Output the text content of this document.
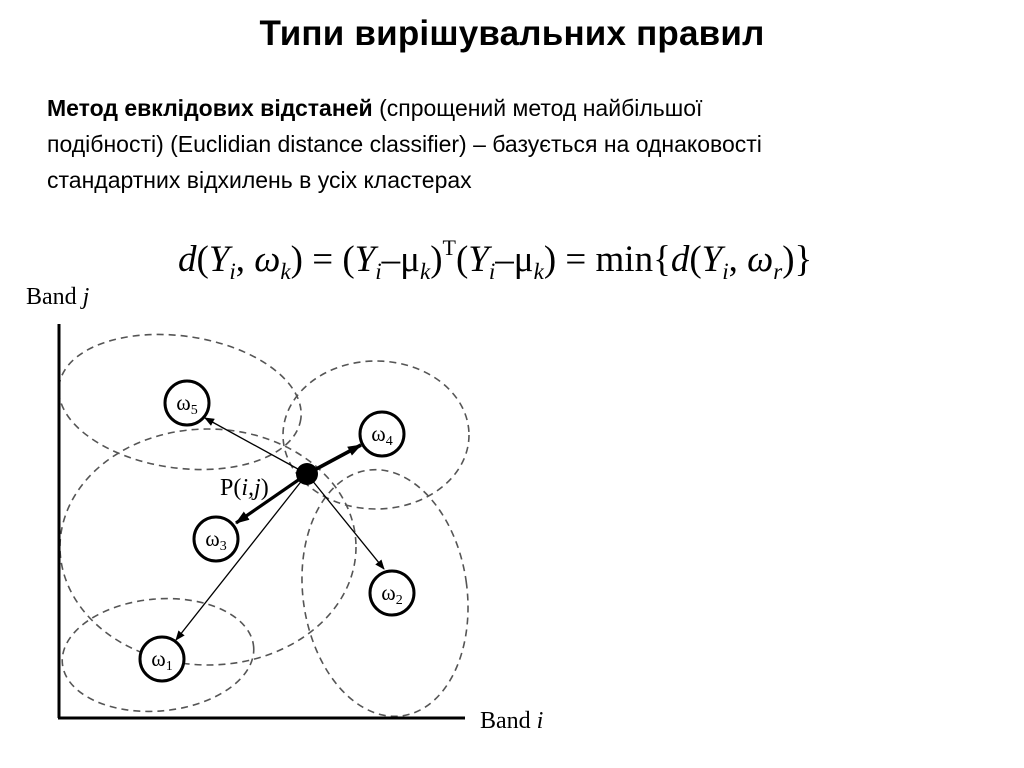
Типи вирішувальних правил
Метод евклідових відстаней (спрощений метод найбільшої
подібності) (Euclidian distance classifier) – базується на однаковості
стандартних відхилень в усіх кластерах
$d(Y_i$, $\omega_k) = (Y_i-\mu_k)^T(Y_i-\mu_k) = \min\{d(Y_i$, $\omega_r$)}
Band j
Band i
P(i,j)
ω5
ω4
ω3
ω2
ω1
